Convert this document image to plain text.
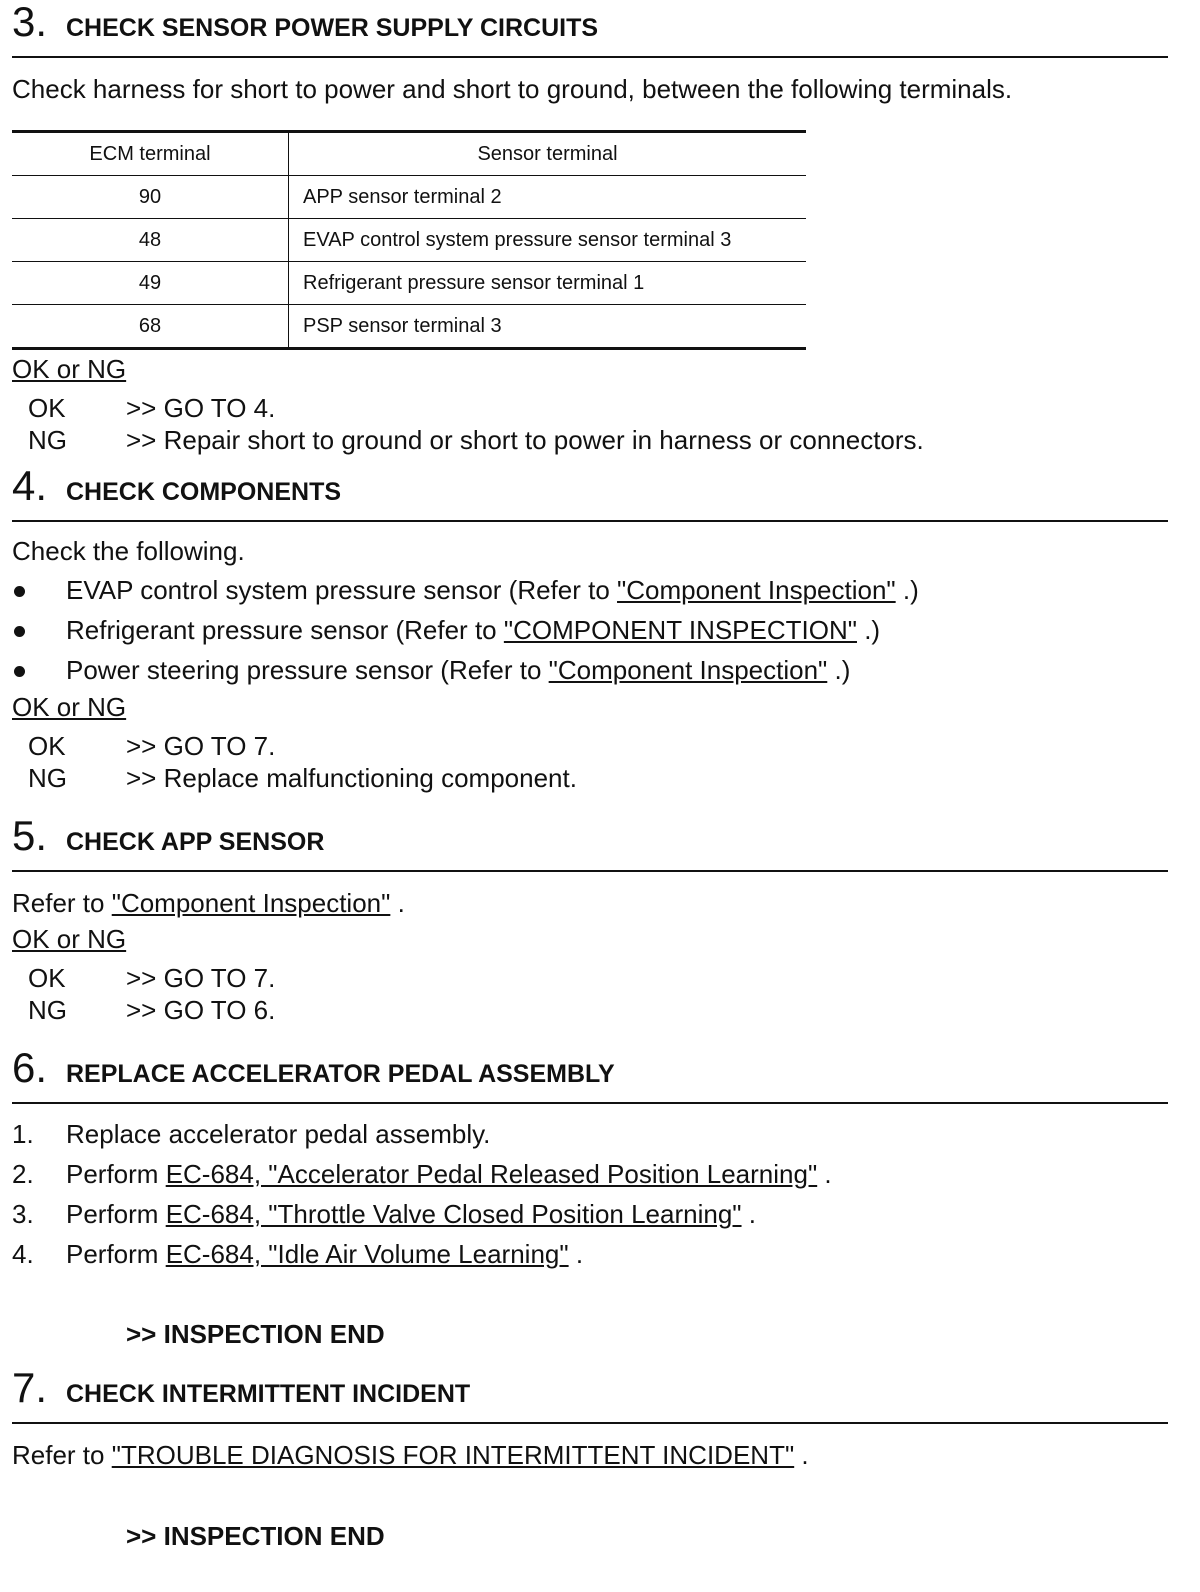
3. CHECK SENSOR POWER SUPPLY CIRCUITS
Check harness for short to power and short to ground, between the following terminals.
ECM terminal	Sensor terminal
90	APP sensor terminal 2
48	EVAP control system pressure sensor terminal 3
49	Refrigerant pressure sensor terminal 1
68	PSP sensor terminal 3
OK or NG
OK >> GO TO 4.
NG >> Repair short to ground or short to power in harness or connectors.
4. CHECK COMPONENTS
Check the following.
EVAP control system pressure sensor (Refer to "Component Inspection" .)
Refrigerant pressure sensor (Refer to "COMPONENT INSPECTION" .)
Power steering pressure sensor (Refer to "Component Inspection" .)
OK or NG
OK >> GO TO 7.
NG >> Replace malfunctioning component.
5. CHECK APP SENSOR
Refer to "Component Inspection" .
OK or NG
OK >> GO TO 7.
NG >> GO TO 6.
6. REPLACE ACCELERATOR PEDAL ASSEMBLY
1. Replace accelerator pedal assembly.
2. Perform EC-684, "Accelerator Pedal Released Position Learning" .
3. Perform EC-684, "Throttle Valve Closed Position Learning" .
4. Perform EC-684, "Idle Air Volume Learning" .
>> INSPECTION END
7. CHECK INTERMITTENT INCIDENT
Refer to "TROUBLE DIAGNOSIS FOR INTERMITTENT INCIDENT" .
>> INSPECTION END
